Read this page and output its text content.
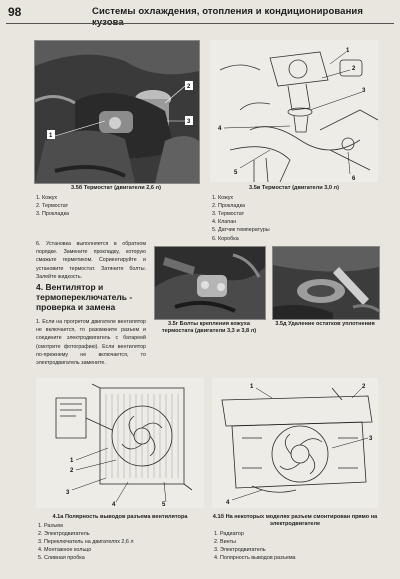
98	Системы охлаждения, отопления и кондиционирования
1
2
3
3.5б Термостат (двигатели 2,6 л)
1. Кожух
2. Термостат
3. Прокладка
1
2
3
4
5
6
3.5в Термостат (двигатели 3,0 л)
1. Кожух
2. Прокладка
3. Термостат
4. Клапан
5. Датчик температуры
6. Коробка

6. Установка выполняется в обратном порядке. Замените прокладку, которую смажьте герметиком. Сориентируйте и установите термостат. Затяните болты. Залейте жидкость.

4. Вентилятор и термопереключатель - проверка и замена

1. Если на прогретом двигателе вентилятор не включается, то разомкните разъем и соедините электродвигатель с батареей (смотрите фотографию). Если вентилятор по-прежнему не включается, то электродвигатель замените.

3.5г Болты крепления кожуха термостата (двигатели 3,3 и 3,8 л)
3.5д Удаление остатков уплотнения
1
2
3
4	5
4.1а Полярность выводов разъема вентилятора
1. Разъем
2. Электродвигатель
3. Переключатель на двигателях 2,6 л
4. Монтажное кольцо
5. Сливная пробка
1	2
3
4
4.1б На некоторых моделях разъем смонтирован прямо на электродвигателе
1. Радиатор
2. Винты
3. Электродвигатель
4. Полярность выводов разъема
